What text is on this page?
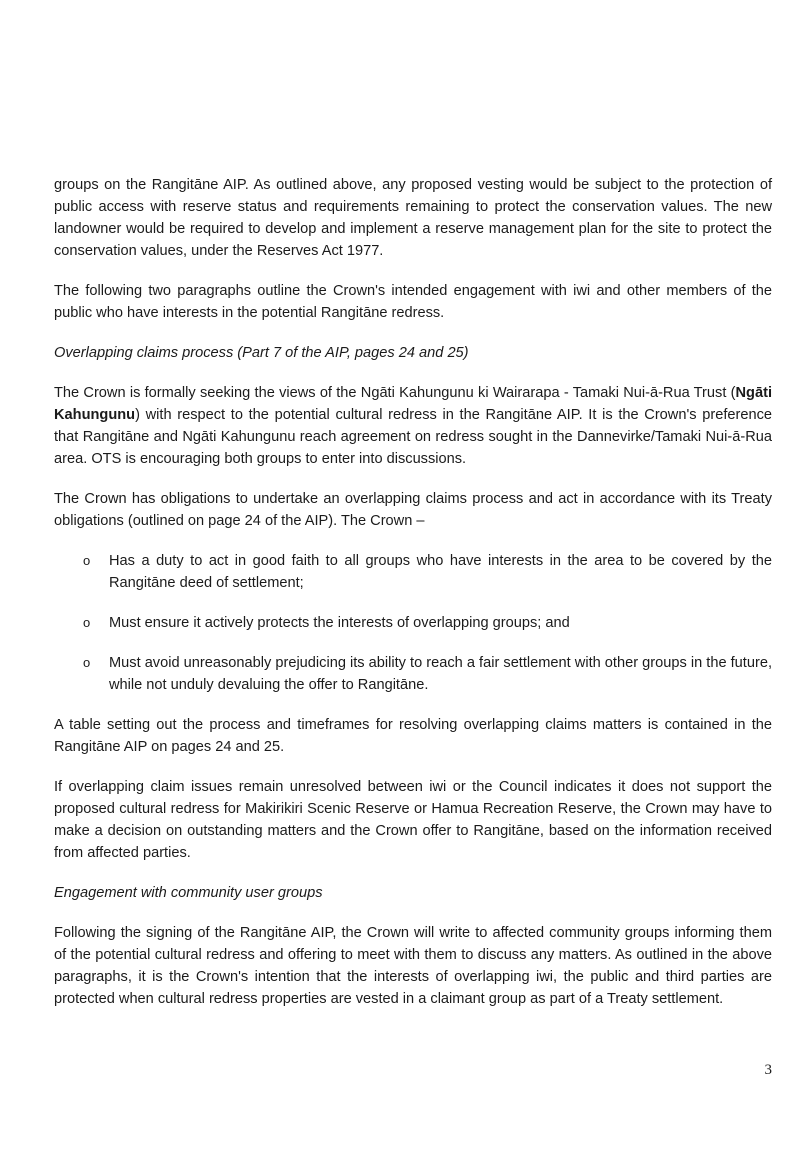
groups on the Rangitāne AIP. As outlined above, any proposed vesting would be subject to the protection of public access with reserve status and requirements remaining to protect the conservation values. The new landowner would be required to develop and implement a reserve management plan for the site to protect the conservation values, under the Reserves Act 1977.

The following two paragraphs outline the Crown's intended engagement with iwi and other members of the public who have interests in the potential Rangitāne redress.

Overlapping claims process (Part 7 of the AIP, pages 24 and 25)

The Crown is formally seeking the views of the Ngāti Kahungunu ki Wairarapa - Tamaki Nui-ā-Rua Trust (Ngāti Kahungunu) with respect to the potential cultural redress in the Rangitāne AIP. It is the Crown's preference that Rangitāne and Ngāti Kahungunu reach agreement on redress sought in the Dannevirke/Tamaki Nui-ā-Rua area. OTS is encouraging both groups to enter into discussions.

The Crown has obligations to undertake an overlapping claims process and act in accordance with its Treaty obligations (outlined on page 24 of the AIP). The Crown –

o Has a duty to act in good faith to all groups who have interests in the area to be covered by the Rangitāne deed of settlement;
o Must ensure it actively protects the interests of overlapping groups; and
o Must avoid unreasonably prejudicing its ability to reach a fair settlement with other groups in the future, while not unduly devaluing the offer to Rangitāne.

A table setting out the process and timeframes for resolving overlapping claims matters is contained in the Rangitāne AIP on pages 24 and 25.

If overlapping claim issues remain unresolved between iwi or the Council indicates it does not support the proposed cultural redress for Makirikiri Scenic Reserve or Hamua Recreation Reserve, the Crown may have to make a decision on outstanding matters and the Crown offer to Rangitāne, based on the information received from affected parties.

Engagement with community user groups

Following the signing of the Rangitāne AIP, the Crown will write to affected community groups informing them of the potential cultural redress and offering to meet with them to discuss any matters. As outlined in the above paragraphs, it is the Crown's intention that the interests of overlapping iwi, the public and third parties are protected when cultural redress properties are vested in a claimant group as part of a Treaty settlement.

3
